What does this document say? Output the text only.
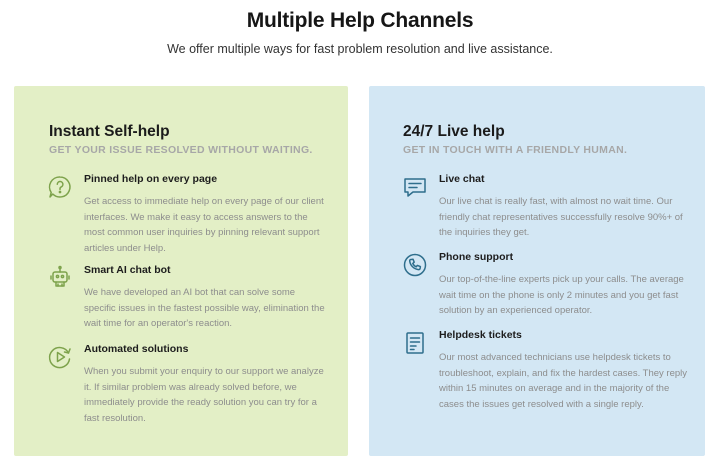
Multiple Help Channels
We offer multiple ways for fast problem resolution and live assistance.
Instant Self-help
GET YOUR ISSUE RESOLVED WITHOUT WAITING.
Pinned help on every page
Get access to immediate help on every page of our client interfaces. We make it easy to access answers to the most common user inquiries by pinning relevant support articles under Help.
Smart AI chat bot
We have developed an AI bot that can solve some specific issues in the fastest possible way, elimination the wait time for an operator's reaction.
Automated solutions
When you submit your enquiry to our support we analyze it. If similar problem was already solved before, we immediately provide the ready solution you can try for a fast resolution.
24/7 Live help
GET IN TOUCH WITH A FRIENDLY HUMAN.
Live chat
Our live chat is really fast, with almost no wait time. Our friendly chat representatives successfully resolve 90%+ of the inquiries they get.
Phone support
Our top-of-the-line experts pick up your calls. The average wait time on the phone is only 2 minutes and you get fast solution by an experienced operator.
Helpdesk tickets
Our most advanced technicians use helpdesk tickets to troubleshoot, explain, and fix the hardest cases. They reply within 15 minutes on average and in the majority of the cases the issues get resolved with a single reply.
